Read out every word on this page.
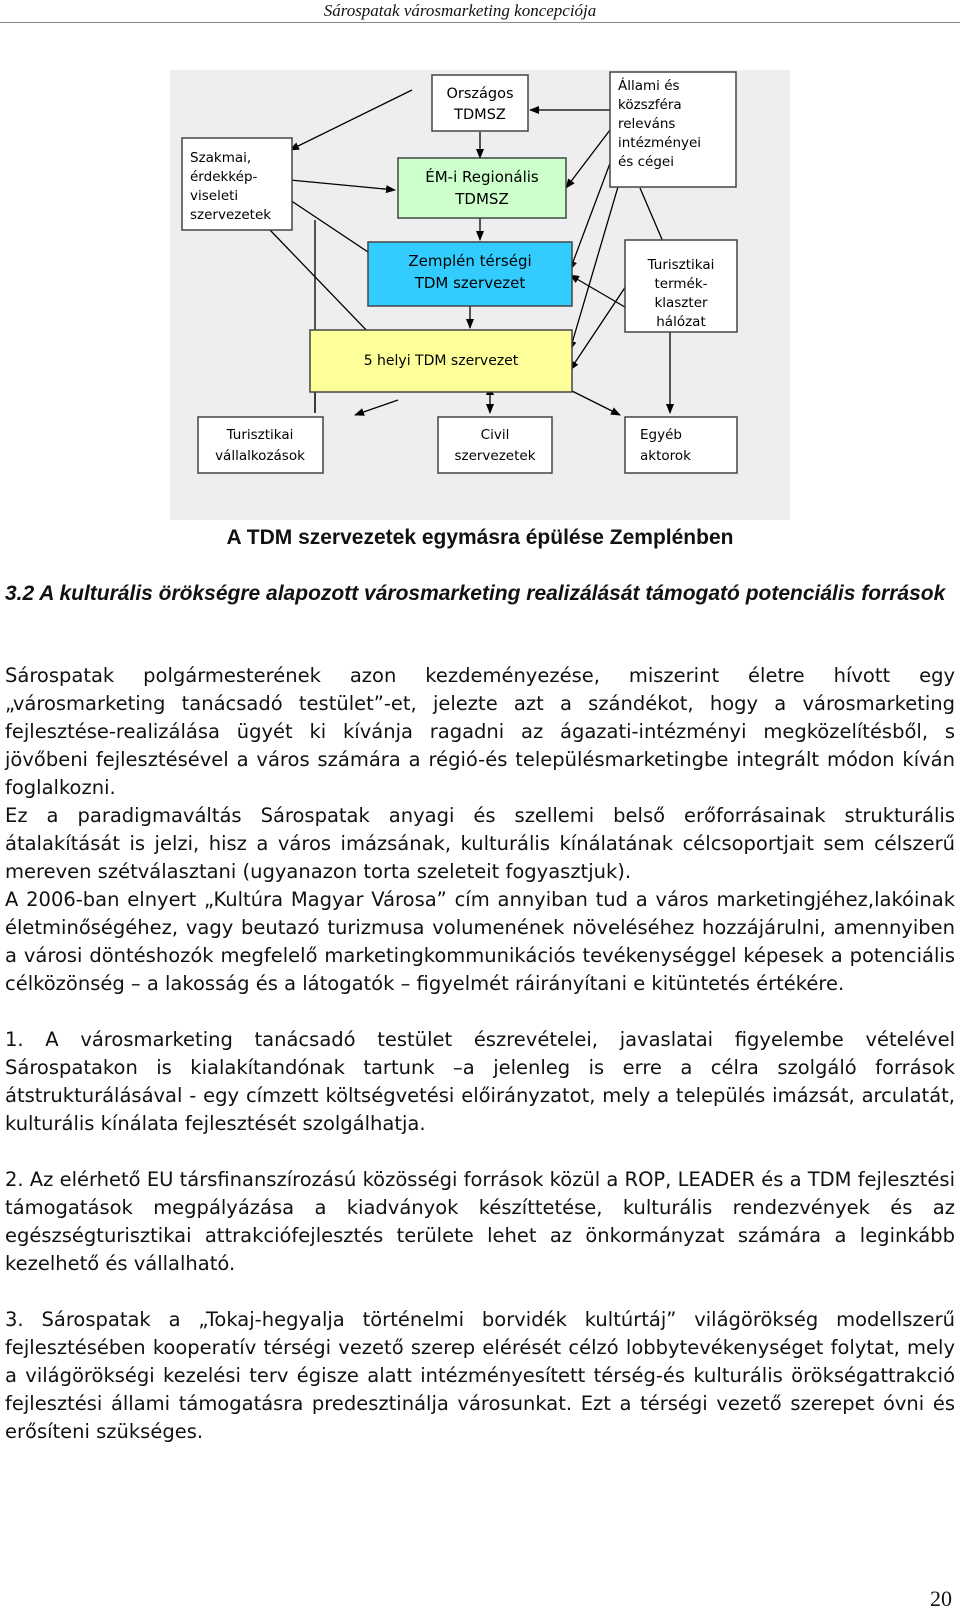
Sárospatak városmarketing koncepciója
Országos TDMSZ
Állami és közszféra releváns intézményei és cégei
Szakmai, érdekkép-viseleti szervezetek
ÉM-i Regionális TDMSZ
Zemplén térségi TDM szervezet
Turisztikai termék-klaszter hálózat
5 helyi TDM szervezet
Turisztikai vállalkozások
Civil szervezetek
Egyéb aktorok
A TDM szervezetek egymásra épülése Zemplénben
3.2 A kulturális örökségre alapozott városmarketing realizálását támogató potenciális források

Sárospatak polgármesterének azon kezdeményezése, miszerint életre hívott egy „városmarketing tanácsadó testület”-et, jelezte azt a szándékot, hogy a városmarketing fejlesztése-realizálása ügyét ki kívánja ragadni az ágazati-intézményi megközelítésből, s jövőbeni fejlesztésével a város számára a régió-és településmarketingbe integrált módon kíván foglalkozni.

Ez a paradigmaváltás Sárospatak anyagi és szellemi belső erőforrásainak strukturális átalakítását is jelzi, hisz a város imázsának, kulturális kínálatának célcsoportjait sem célszerű mereven szétválasztani (ugyanazon torta szeleteit fogyasztjuk).

A 2006-ban elnyert „Kultúra Magyar Városa” cím annyiban tud a város marketingjéhez,lakóinak életminőségéhez, vagy beutazó turizmusa volumenének növeléséhez hozzájárulni, amennyiben a városi döntéshozók megfelelő marketingkommunikációs tevékenységgel képesek a potenciális célközönség – a lakosság és a látogatók – figyelmét ráirányítani e kitüntetés értékére.

1. A városmarketing tanácsadó testület észrevételei, javaslatai figyelembe vételével Sárospatakon is kialakítandónak tartunk –a jelenleg is erre a célra szolgáló források átstrukturálásával - egy címzett költségvetési előirányzatot, mely a település imázsát, arculatát, kulturális kínálata fejlesztését szolgálhatja.

2. Az elérhető EU társfinanszírozású közösségi források közül a ROP, LEADER és a TDM fejlesztési támogatások megpályázása a kiadványok készíttetése, kulturális rendezvények és az egészségturisztikai attrakciófejlesztés területe lehet az önkormányzat számára a leginkább kezelhető és vállalható.

3. Sárospatak a „Tokaj-hegyalja történelmi borvidék kultúrtáj” világörökség modellszerű fejlesztésében kooperatív térségi vezető szerep elérését célzó lobbytevékenységet folytat, mely a világörökségi kezelési terv égisze alatt intézményesített térség-és kulturális örökségattrakció fejlesztési állami támogatásra predesztinálja városunkat. Ezt a térségi vezető szerepet óvni és erősíteni szükséges.

20
